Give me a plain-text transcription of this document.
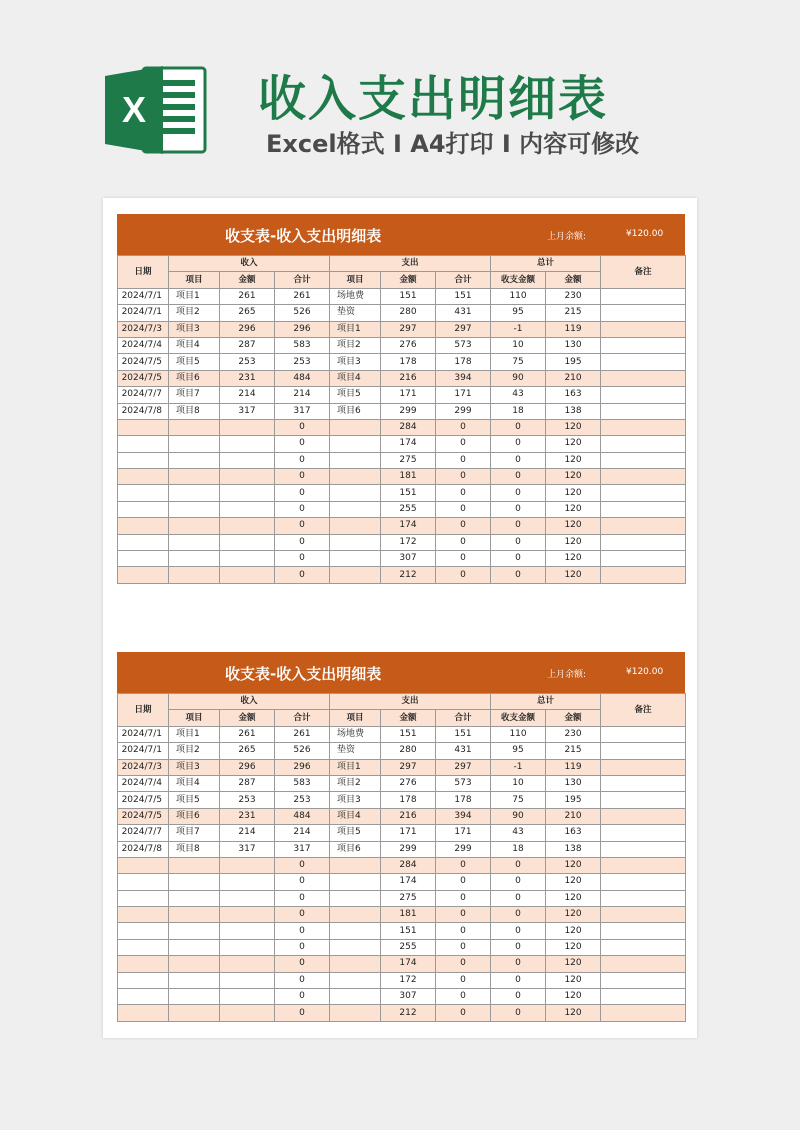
X 收入支出明细表
Excel格式 I A4打印 I 内容可修改
收支表-收入支出明细表	上月余额:	¥120.00
日期	收入			支出			总计		备注
	项目	金额	合计	项目	金额	合计	收支金额	金额	
2024/7/1	项目1	261	261	场地费	151	151	110	230	
2024/7/1	项目2	265	526	垫资	280	431	95	215	
2024/7/3	项目3	296	296	项目1	297	297	-1	119	
2024/7/4	项目4	287	583	项目2	276	573	10	130	
2024/7/5	项目5	253	253	项目3	178	178	75	195	
2024/7/5	项目6	231	484	项目4	216	394	90	210	
2024/7/7	项目7	214	214	项目5	171	171	43	163	
2024/7/8	项目8	317	317	项目6	299	299	18	138	
			0		284	0	0	120	
			0		174	0	0	120	
			0		275	0	0	120	
			0		181	0	0	120	
			0		151	0	0	120	
			0		255	0	0	120	
			0		174	0	0	120	
			0		172	0	0	120	
			0		307	0	0	120	
			0		212	0	0	120	
收支表-收入支出明细表	上月余额:	¥120.00
日期	收入			支出			总计		备注
	项目	金额	合计	项目	金额	合计	收支金额	金额	
2024/7/1	项目1	261	261	场地费	151	151	110	230	
2024/7/1	项目2	265	526	垫资	280	431	95	215	
2024/7/3	项目3	296	296	项目1	297	297	-1	119	
2024/7/4	项目4	287	583	项目2	276	573	10	130	
2024/7/5	项目5	253	253	项目3	178	178	75	195	
2024/7/5	项目6	231	484	项目4	216	394	90	210	
2024/7/7	项目7	214	214	项目5	171	171	43	163	
2024/7/8	项目8	317	317	项目6	299	299	18	138	
			0		284	0	0	120	
			0		174	0	0	120	
			0		275	0	0	120	
			0		181	0	0	120	
			0		151	0	0	120	
			0		255	0	0	120	
			0		174	0	0	120	
			0		172	0	0	120	
			0		307	0	0	120	
			0		212	0	0	120	
